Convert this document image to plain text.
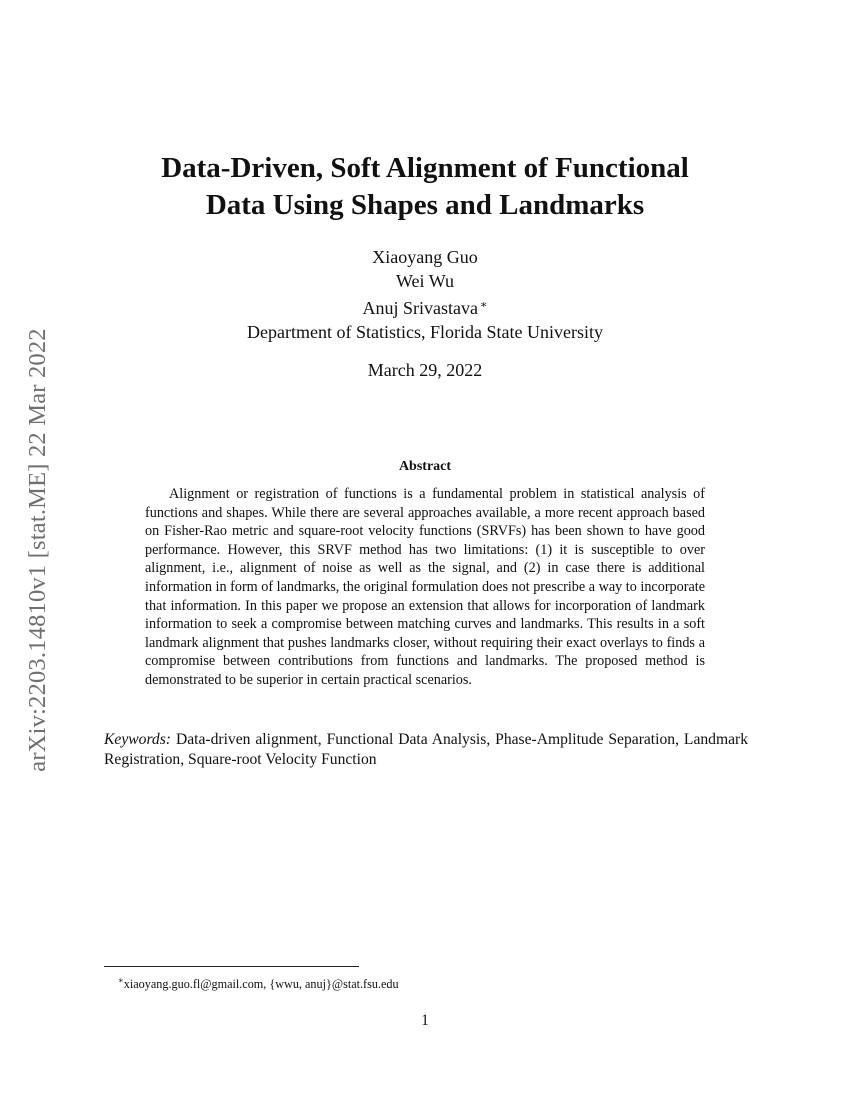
arXiv:2203.14810v1 [stat.ME] 22 Mar 2022
Data-Driven, Soft Alignment of Functional
Data Using Shapes and Landmarks
Xiaoyang Guo
Wei Wu
Anuj Srivastava ∗
Department of Statistics, Florida State University
March 29, 2022
Abstract

Alignment or registration of functions is a fundamental problem in statistical analysis of functions and shapes. While there are several approaches available, a more recent approach based on Fisher-Rao metric and square-root velocity functions (SRVFs) has been shown to have good performance. However, this SRVF method has two limitations: (1) it is susceptible to over alignment, i.e., alignment of noise as well as the signal, and (2) in case there is additional information in form of landmarks, the original formulation does not prescribe a way to incorporate that information. In this paper we propose an extension that allows for incorporation of landmark information to seek a compromise between matching curves and landmarks. This results in a soft landmark alignment that pushes landmarks closer, without requiring their exact overlays to finds a compromise between contributions from functions and landmarks. The proposed method is demonstrated to be superior in certain practical scenarios.

Keywords: Data-driven alignment, Functional Data Analysis, Phase-Amplitude Separation, Landmark Registration, Square-root Velocity Function

∗xiaoyang.guo.fl@gmail.com, {wwu, anuj}@stat.fsu.edu
1
